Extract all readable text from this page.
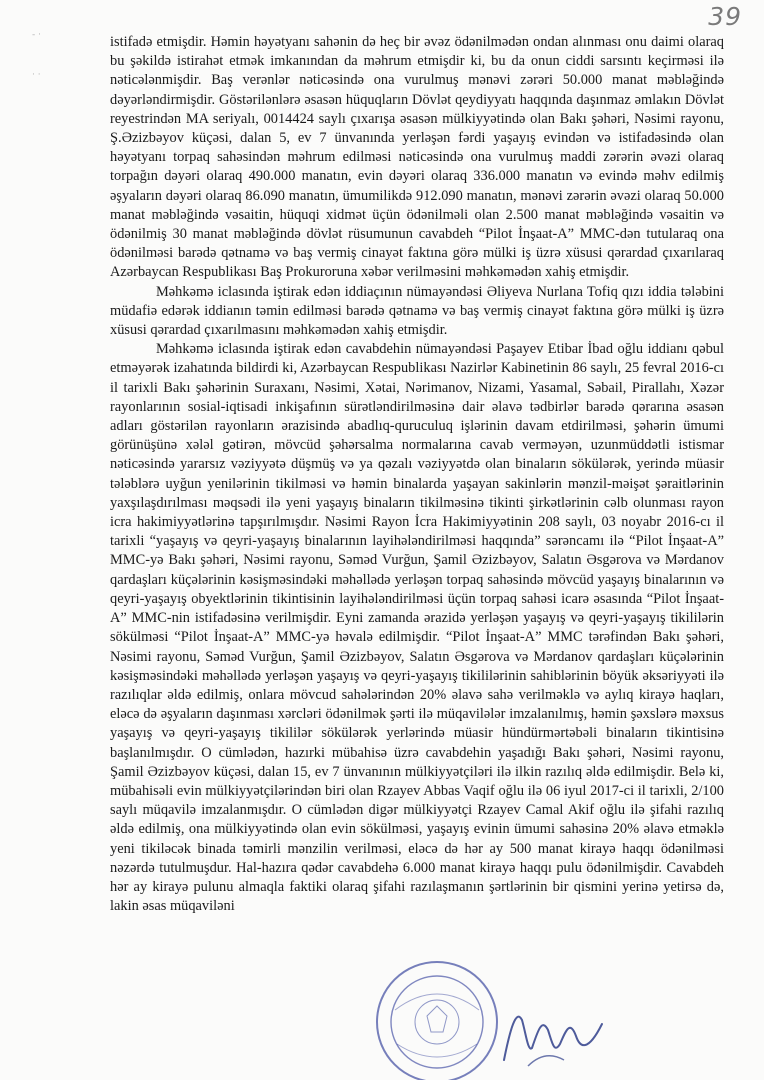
39
‑ ·
· ·

istifadə etmişdir. Həmin həyətyanı sahənin də heç bir əvəz ödənilmədən ondan alınması onu daimi olaraq bu şəkildə istirahət etmək imkanından da məhrum etmişdir ki, bu da onun ciddi sarsıntı keçirməsi ilə nəticələnmişdir. Baş verənlər nəticəsində ona vurulmuş mənəvi zərəri 50.000 manat məbləğində dəyərləndirmişdir. Göstərilənlərə əsasən hüquqların Dövlət qeydiyyatı haqqında daşınmaz əmlakın Dövlət reyestrindən MA seriyalı, 0014424 saylı çıxarışa əsasən mülkiyyətində olan Bakı şəhəri, Nəsimi rayonu, Ş.Əzizbəyov küçəsi, dalan 5, ev 7 ünvanında yerləşən fərdi yaşayış evindən və istifadəsində olan həyətyanı torpaq sahəsindən məhrum edilməsi nəticəsində ona vurulmuş maddi zərərin əvəzi olaraq torpağın dəyəri olaraq 490.000 manatın, evin dəyəri olaraq 336.000 manatın və evində məhv edilmiş əşyaların dəyəri olaraq 86.090 manatın, ümumilikdə 912.090 manatın, mənəvi zərərin əvəzi olaraq 50.000 manat məbləğində vəsaitin, hüquqi xidmət üçün ödənilməli olan 2.500 manat məbləğində vəsaitin və ödənilmiş 30 manat məbləğində dövlət rüsumunun cavabdeh “Pilot İnşaat-A” MMC-dən tutularaq ona ödənilməsi barədə qətnamə və baş vermiş cinayət faktına görə mülki iş üzrə xüsusi qərardad çıxarılaraq Azərbaycan Respublikası Baş Prokuroruna xəbər verilməsini məhkəmədən xahiş etmişdir.

Məhkəmə iclasında iştirak edən iddiaçının nümayəndəsi Əliyeva Nurlana Tofiq qızı iddia tələbini müdafiə edərək iddianın təmin edilməsi barədə qətnamə və baş vermiş cinayət faktına görə mülki iş üzrə xüsusi qərardad çıxarılmasını məhkəmədən xahiş etmişdir.

Məhkəmə iclasında iştirak edən cavabdehin nümayəndəsi Paşayev Etibar İbad oğlu iddianı qəbul etməyərək izahatında bildirdi ki, Azərbaycan Respublikası Nazirlər Kabinetinin 86 saylı, 25 fevral 2016-cı il tarixli Bakı şəhərinin Suraxanı, Nəsimi, Xətai, Nərimanov, Nizami, Yasamal, Səbail, Pirallahı, Xəzər rayonlarının sosial-iqtisadi inkişafının sürətləndirilməsinə dair əlavə tədbirlər barədə qərarına əsasən adları göstərilən rayonların ərazisində abadlıq-quruculuq işlərinin davam etdirilməsi, şəhərin ümumi görünüşünə xələl gətirən, mövcüd şəhərsalma normalarına cavab verməyən, uzunmüddətli istismar nəticəsində yararsız vəziyyətə düşmüş və ya qəzalı vəziyyətdə olan binaların sökülərək, yerində müasir tələblərə uyğun yenilərinin tikilməsi və həmin binalarda yaşayan sakinlərin mənzil-məişət şəraitlərinin yaxşılaşdırılması məqsədi ilə yeni yaşayış binaların tikilməsinə tikinti şirkətlərinin cəlb olunması rayon icra hakimiyyətlərinə tapşırılmışdır. Nəsimi Rayon İcra Hakimiyyətinin 208 saylı, 03 noyabr 2016-cı il tarixli “yaşayış və qeyri-yaşayış binalarının layihələndirilməsi haqqında” sərəncamı ilə “Pilot İnşaat-A” MMC-yə Bakı şəhəri, Nəsimi rayonu, Səməd Vurğun, Şamil Əzizbəyov, Salatın Əsgərova və Mərdanov qardaşları küçələrinin kəsişməsindəki məhəllədə yerləşən torpaq sahəsində mövcüd yaşayış binalarının və qeyri-yaşayış obyektlərinin tikintisinin layihələndirilməsi üçün torpaq sahəsi icarə əsasında “Pilot İnşaat-A” MMC-nin istifadəsinə verilmişdir. Eyni zamanda ərazidə yerləşən yaşayış və qeyri-yaşayış tikililərin sökülməsi “Pilot İnşaat-A” MMC-yə həvalə edilmişdir. “Pilot İnşaat-A” MMC tərəfindən Bakı şəhəri, Nəsimi rayonu, Səməd Vurğun, Şamil Əzizbəyov, Salatın Əsgərova və Mərdanov qardaşları küçələrinin kəsişməsindəki məhəllədə yerləşən yaşayış və qeyri-yaşayış tikililərinin sahiblərinin böyük əksəriyyəti ilə razılıqlar əldə edilmiş, onlara mövcud sahələrindən 20% əlavə sahə verilməklə və aylıq kirayə haqları, eləcə də əşyaların daşınması xərcləri ödənilmək şərti ilə müqavilələr imzalanılmış, həmin şəxslərə məxsus yaşayış və qeyri-yaşayış tikililər sökülərək yerlərində müasir hündürmərtəbəli binaların tikintisinə başlanılmışdır. O cümlədən, hazırki mübahisə üzrə cavabdehin yaşadığı Bakı şəhəri, Nəsimi rayonu, Şamil Əzizbəyov küçəsi, dalan 15, ev 7 ünvanının mülkiyyətçiləri ilə ilkin razılıq əldə edilmişdir. Belə ki, mübahisəli evin mülkiyyətçilərindən biri olan Rzayev Abbas Vaqif oğlu ilə 06 iyul 2017-ci il tarixli, 2/100 saylı müqavilə imzalanmışdır. O cümlədən digər mülkiyyətçi Rzayev Camal Akif oğlu ilə şifahi razılıq əldə edilmiş, ona mülkiyyətində olan evin sökülməsi, yaşayış evinin ümumi sahəsinə 20% əlavə etməklə yeni tikiləcək binada təmirli mənzilin verilməsi, eləcə də hər ay 500 manat kirayə haqqı ödənilməsi nəzərdə tutulmuşdur. Hal-hazıra qədər cavabdehə 6.000 manat kirayə haqqı pulu ödənilmişdir. Cavabdeh hər ay kirayə pulunu almaqla faktiki olaraq şifahi razılaşmanın şərtlərinin bir qismini yerinə yetirsə də, lakin əsas müqaviləni
